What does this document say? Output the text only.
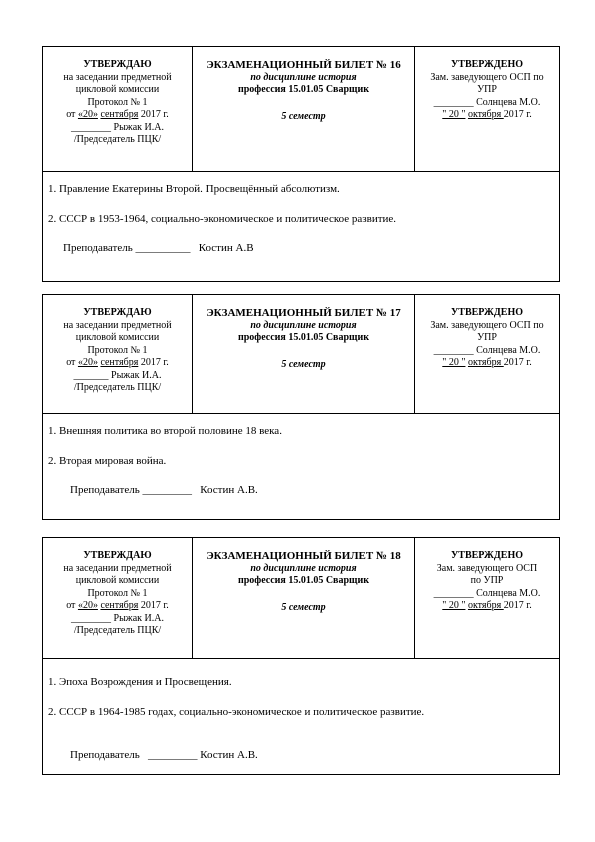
УТВЕРЖДАЮ
на заседании предметной
цикловой комиссии
Протокол № 1
от «20» сентября 2017 г.
________ Рыжак И.А.
/Председатель ПЦК/
ЭКЗАМЕНАЦИОННЫЙ БИЛЕТ № 16
по дисциплине история
профессия 15.01.05 Сварщик
5 семестр
УТВЕРЖДЕНО
Зам. заведующего ОСП по
УПР
________ Солнцева М.О.
" 20 " октября 2017 г.
1. Правление Екатерины Второй. Просвещённый абсолютизм.
2. СССР в 1953-1964, социально-экономическое и политическое развитие.
Преподаватель __________ Костин А.В
УТВЕРЖДАЮ
на заседании предметной
цикловой комиссии
Протокол № 1
от «20» сентября 2017 г.
_______ Рыжак И.А.
/Председатель ПЦК/
ЭКЗАМЕНАЦИОННЫЙ БИЛЕТ № 17
по дисциплине история
профессия 15.01.05 Сварщик
5 семестр
УТВЕРЖДЕНО
Зам. заведующего ОСП по
УПР
________ Солнцева М.О.
" 20 " октября 2017 г.
1. Внешняя политика во второй половине 18 века.
2. Вторая мировая война.
Преподаватель _________ Костин А.В.
УТВЕРЖДАЮ
на заседании предметной
цикловой комиссии
Протокол № 1
от «20» сентября 2017 г.
________ Рыжак И.А.
/Председатель ПЦК/
ЭКЗАМЕНАЦИОННЫЙ БИЛЕТ № 18
по дисциплине история
профессия 15.01.05 Сварщик
5 семестр
УТВЕРЖДЕНО
Зам. заведующего ОСП
по УПР
________ Солнцева М.О.
" 20 " октября 2017 г.
1. Эпоха Возрождения и Просвещения.
2. СССР в 1964-1985 годах, социально-экономическое и политическое развитие.
Преподаватель _________ Костин А.В.
